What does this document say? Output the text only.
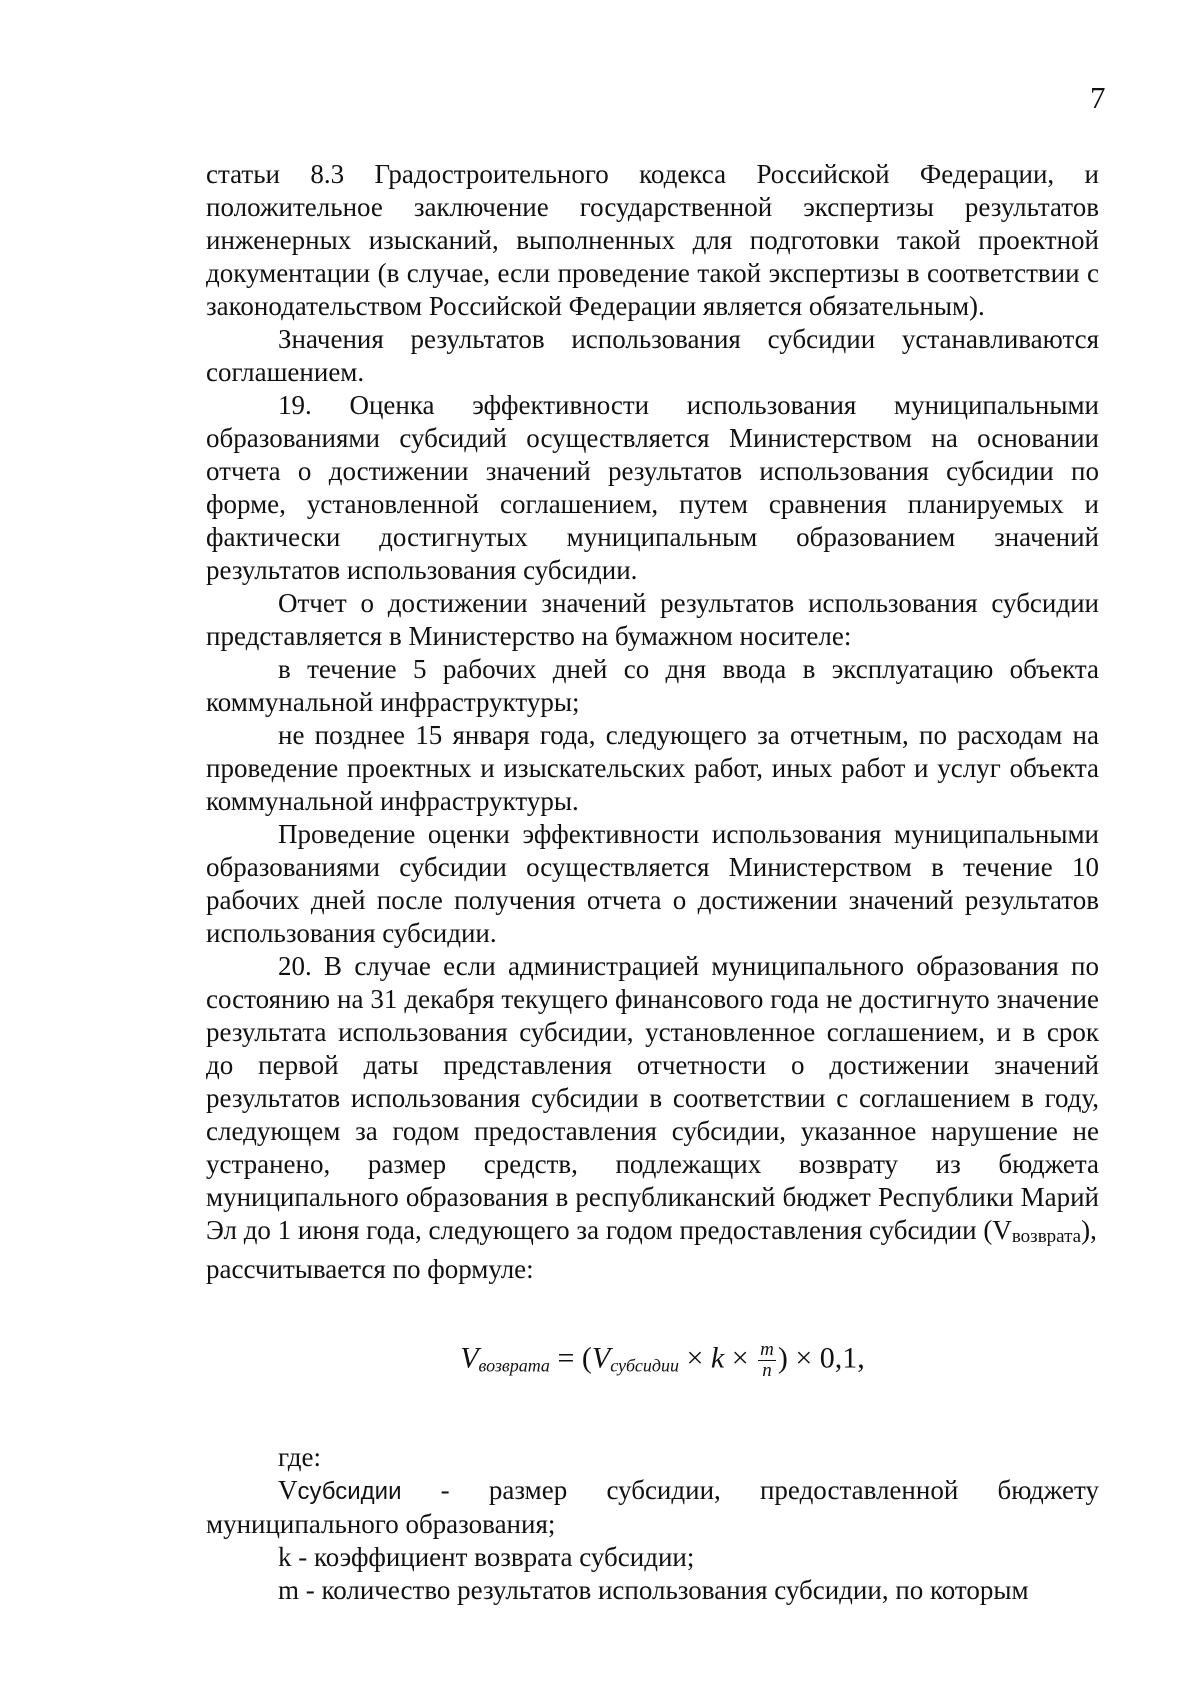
7

статьи 8.3 Градостроительного кодекса Российской Федерации, и положительное заключение государственной экспертизы результатов инженерных изысканий, выполненных для подготовки такой проектной документации (в случае, если проведение такой экспертизы в соответствии с законодательством Российской Федерации является обязательным).

Значения результатов использования субсидии устанавливаются соглашением.

19. Оценка эффективности использования муниципальными образованиями субсидий осуществляется Министерством на основании отчета о достижении значений результатов использования субсидии по форме, установленной соглашением, путем сравнения планируемых и фактически достигнутых муниципальным образованием значений результатов использования субсидии.

Отчет о достижении значений результатов использования субсидии представляется в Министерство на бумажном носителе:

в течение 5 рабочих дней со дня ввода в эксплуатацию объекта коммунальной инфраструктуры;

не позднее 15 января года, следующего за отчетным, по расходам на проведение проектных и изыскательских работ, иных работ и услуг объекта коммунальной инфраструктуры.

Проведение оценки эффективности использования муниципальными образованиями субсидии осуществляется Министерством в течение 10 рабочих дней после получения отчета о достижении значений результатов использования субсидии.

20. В случае если администрацией муниципального образования по состоянию на 31 декабря текущего финансового года не достигнуто значение результата использования субсидии, установленное соглашением, и в срок до первой даты представления отчетности о достижении значений результатов использования субсидии в соответствии с соглашением в году, следующем за годом предоставления субсидии, указанное нарушение не устранено, размер средств, подлежащих возврату из бюджета муниципального образования в республиканский бюджет Республики Марий Эл до 1 июня года, следующего за годом предоставления субсидии (Vвозврата),

рассчитывается по формуле:

$V_{возврата} = (V_{субсидии} \times k \times \frac{m}{n}$ ) × 0,1,

где:

Vсубсидии - размер субсидии, предоставленной бюджету муниципального образования;

k - коэффициент возврата субсидии;

m - количество результатов использования субсидии, по которым
